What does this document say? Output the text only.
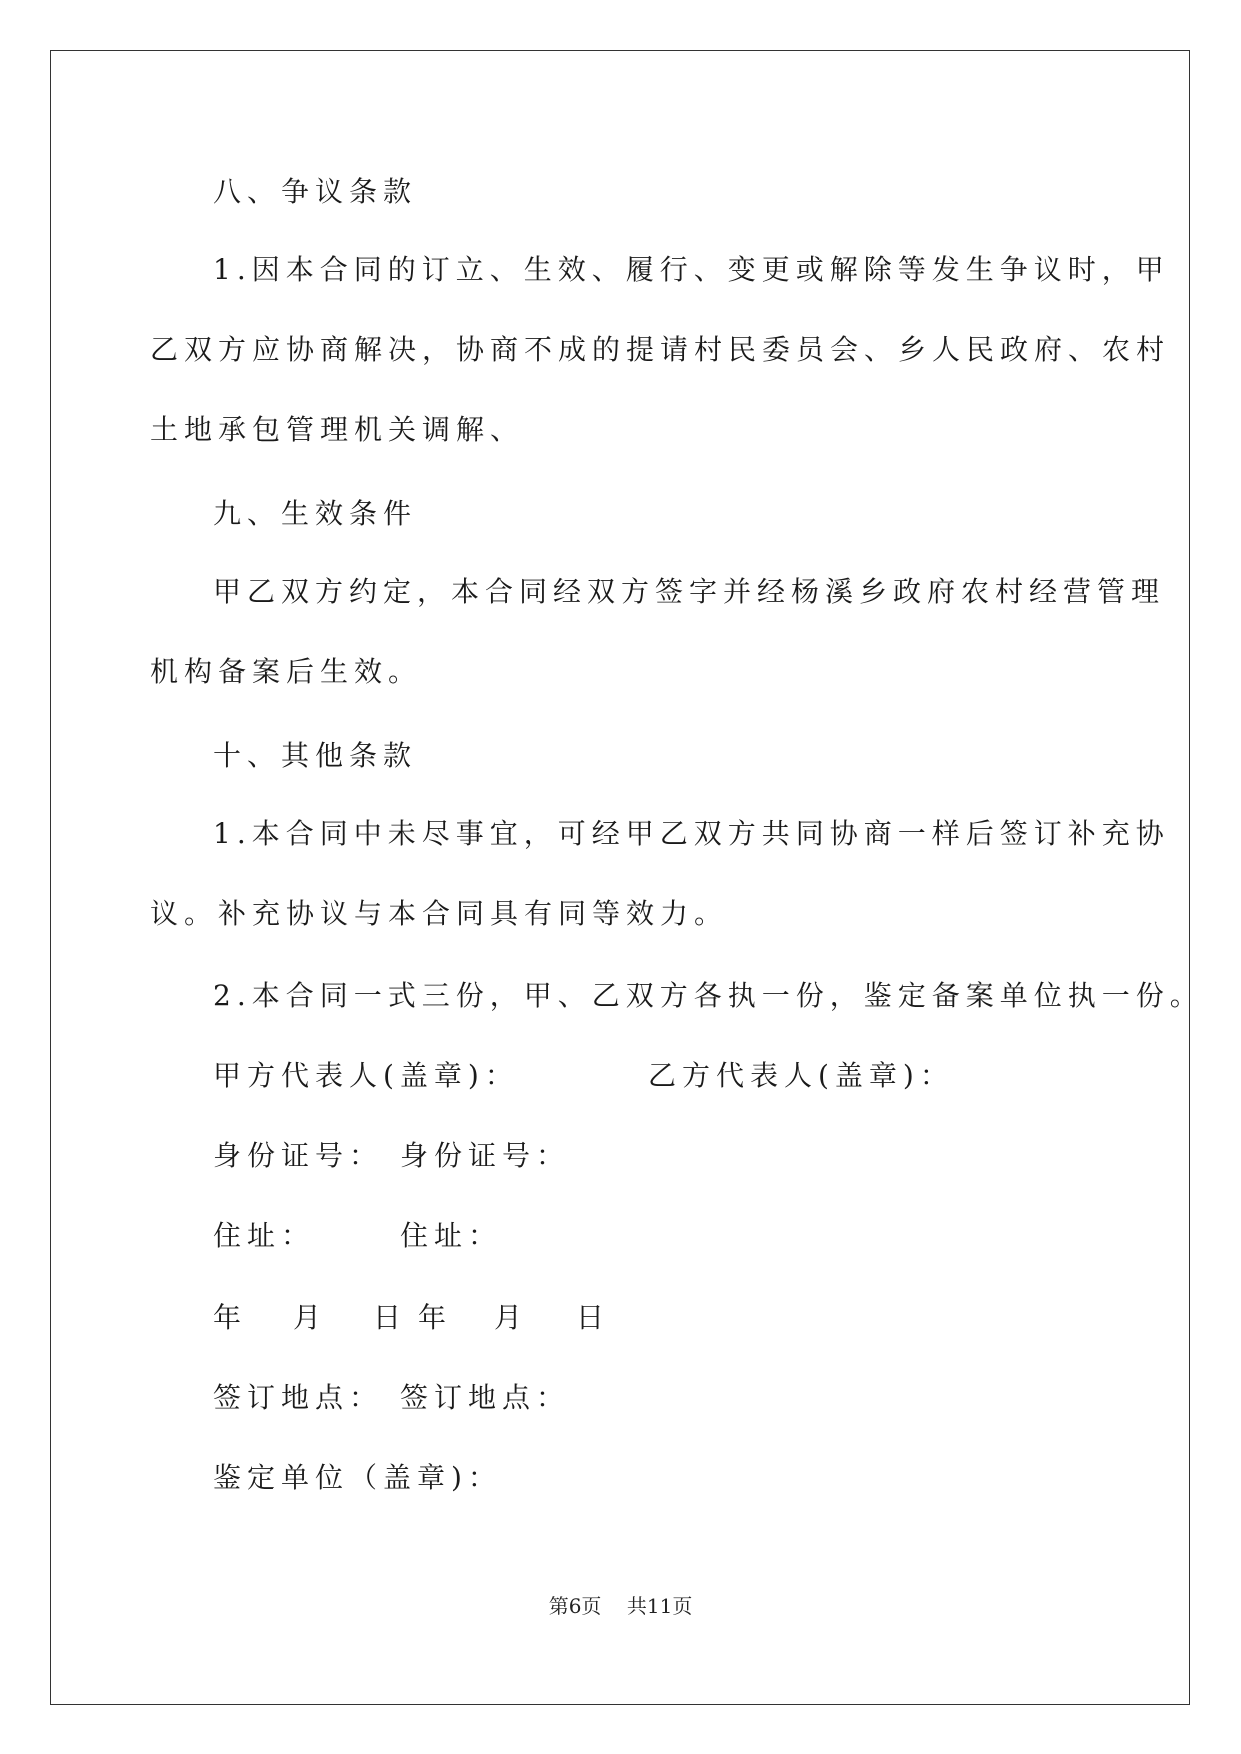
八、争议条款
1.因本合同的订立、生效、履行、变更或解除等发生争议时，甲
乙双方应协商解决，协商不成的提请村民委员会、乡人民政府、农村
土地承包管理机关调解、
九、生效条件
甲乙双方约定，本合同经双方签字并经杨溪乡政府农村经营管理
机构备案后生效。
十、其他条款
1.本合同中未尽事宜，可经甲乙双方共同协商一样后签订补充协
议。补充协议与本合同具有同等效力。
2.本合同一式三份，甲、乙双方各执一份，鉴定备案单位执一份。
甲方代表人(盖章)：	乙方代表人(盖章)：
身份证号： 身份证号：
住址：	住址：
年 月 日 年 月 日
签订地点： 签订地点：
鉴定单位（盖章)：
第6页 共11页
